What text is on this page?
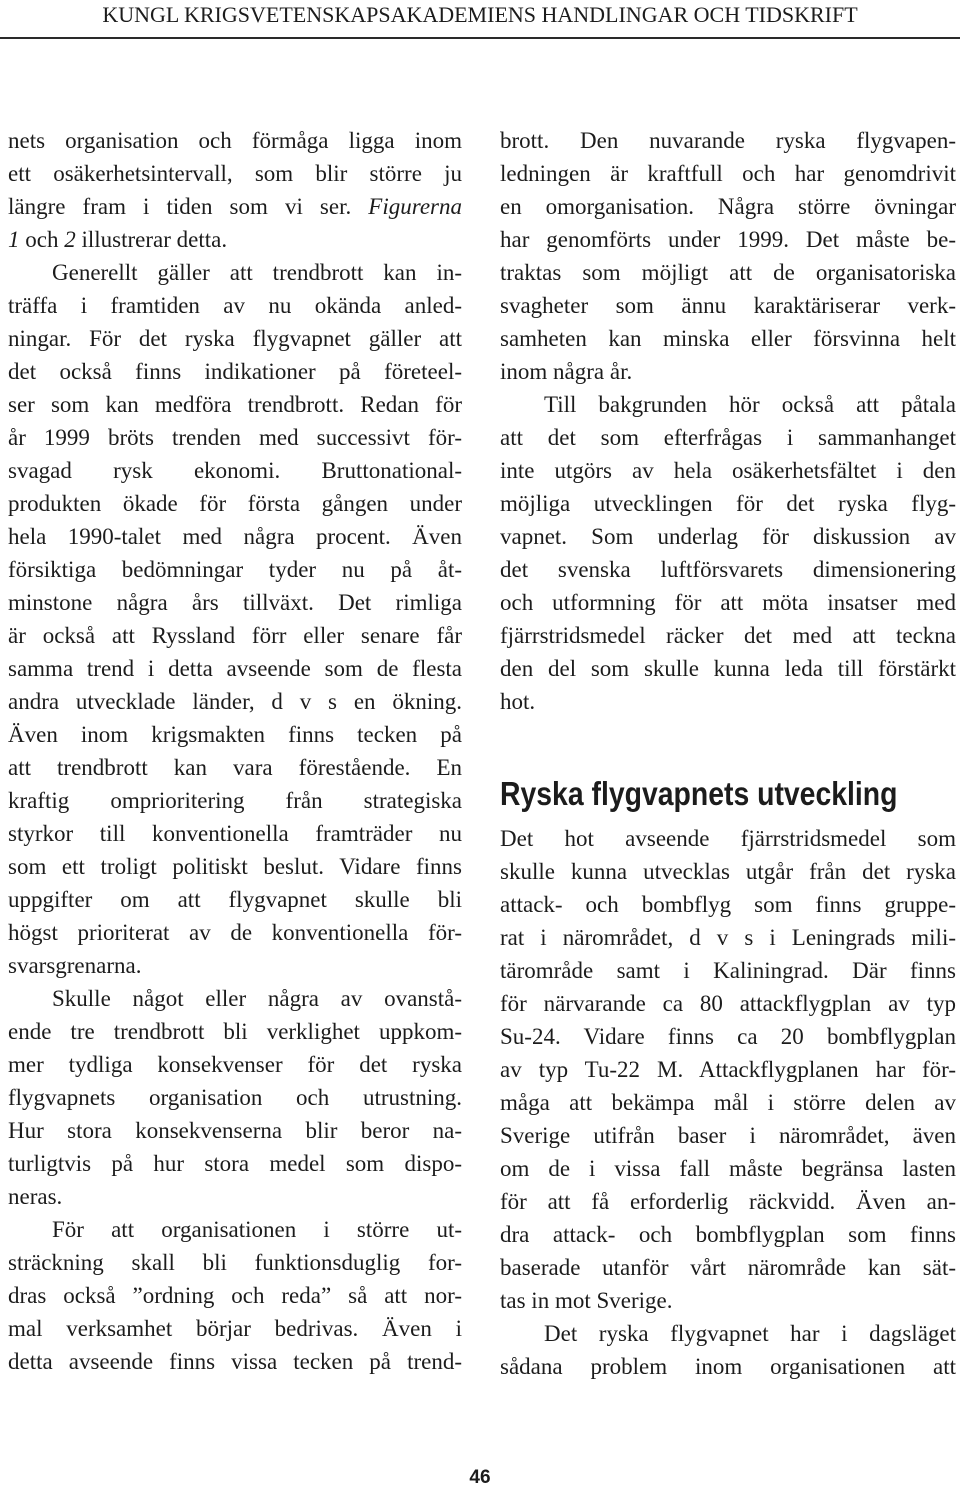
KUNGL KRIGSVETENSKAPSAKADEMIENS HANDLINGAR OCH TIDSKRIFT
nets organisation och förmåga ligga inom
ett osäkerhetsintervall, som blir större ju
längre fram i tiden som vi ser. Figurerna
1 och 2 illustrerar detta.
Generellt gäller att trendbrott kan in-
träffa i framtiden av nu okända anled-
ningar. För det ryska flygvapnet gäller att
det också finns indikationer på företeel-
ser som kan medföra trendbrott. Redan för
år 1999 bröts trenden med successivt för-
svagad rysk ekonomi. Bruttonational-
produkten ökade för första gången under
hela 1990-talet med några procent. Även
försiktiga bedömningar tyder nu på åt-
minstone några års tillväxt. Det rimliga
är också att Ryssland förr eller senare får
samma trend i detta avseende som de flesta
andra utvecklade länder, d v s en ökning.
Även inom krigsmakten finns tecken på
att trendbrott kan vara förestående. En
kraftig omprioritering från strategiska
styrkor till konventionella framträder nu
som ett troligt politiskt beslut. Vidare finns
uppgifter om att flygvapnet skulle bli
högst prioriterat av de konventionella för-
svarsgrenarna.
Skulle något eller några av ovanstå-
ende tre trendbrott bli verklighet uppkom-
mer tydliga konsekvenser för det ryska
flygvapnets organisation och utrustning.
Hur stora konsekvenserna blir beror na-
turligtvis på hur stora medel som dispo-
neras.
För att organisationen i större ut-
sträckning skall bli funktionsduglig for-
dras också ”ordning och reda” så att nor-
mal verksamhet börjar bedrivas. Även i
detta avseende finns vissa tecken på trend-
brott. Den nuvarande ryska flygvapen-
ledningen är kraftfull och har genomdrivit
en omorganisation. Några större övningar
har genomförts under 1999. Det måste be-
traktas som möjligt att de organisatoriska
svagheter som ännu karaktäriserar verk-
samheten kan minska eller försvinna helt
inom några år.
Till bakgrunden hör också att påtala
att det som efterfrågas i sammanhanget
inte utgörs av hela osäkerhetsfältet i den
möjliga utvecklingen för det ryska flyg-
vapnet. Som underlag för diskussion av
det svenska luftförsvarets dimensionering
och utformning för att möta insatser med
fjärrstridsmedel räcker det med att teckna
den del som skulle kunna leda till förstärkt
hot.
Ryska flygvapnets utveckling
Det hot avseende fjärrstridsmedel som
skulle kunna utvecklas utgår från det ryska
attack- och bombflyg som finns gruppe-
rat i närområdet, d v s i Leningrads mili-
tärområde samt i Kaliningrad. Där finns
för närvarande ca 80 attackflygplan av typ
Su-24. Vidare finns ca 20 bombflygplan
av typ Tu-22 M. Attackflygplanen har för-
måga att bekämpa mål i större delen av
Sverige utifrån baser i närområdet, även
om de i vissa fall måste begränsa lasten
för att få erforderlig räckvidd. Även an-
dra attack- och bombflygplan som finns
baserade utanför vårt närområde kan sät-
tas in mot Sverige.
Det ryska flygvapnet har i dagsläget
sådana problem inom organisationen att
46
